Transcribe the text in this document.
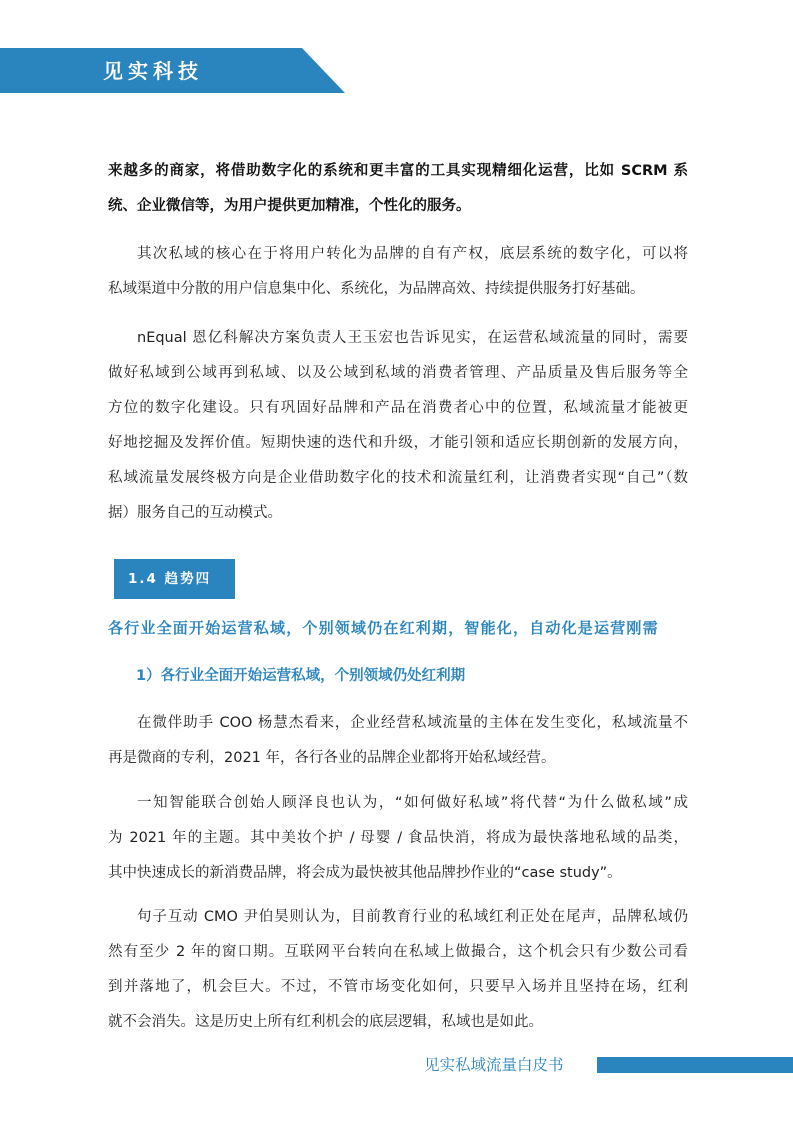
见实科技
来越多的商家，将借助数字化的系统和更丰富的工具实现精细化运营，比如 SCRM 系
统、企业微信等，为用户提供更加精准，个性化的服务。
其次私域的核心在于将用户转化为品牌的自有产权，底层系统的数字化，可以将
私域渠道中分散的用户信息集中化、系统化，为品牌高效、持续提供服务打好基础。
nEqual 恩亿科解决方案负责人王玉宏也告诉见实，在运营私域流量的同时，需要
做好私域到公域再到私域、以及公域到私域的消费者管理、产品质量及售后服务等全
方位的数字化建设。只有巩固好品牌和产品在消费者心中的位置，私域流量才能被更
好地挖掘及发挥价值。短期快速的迭代和升级，才能引领和适应长期创新的发展方向，
私域流量发展终极方向是企业借助数字化的技术和流量红利，让消费者实现“自己”（数
据）服务自己的互动模式。
1.4 趋势四
各行业全面开始运营私域，个别领域仍在红利期，智能化，自动化是运营刚需
1）各行业全面开始运营私域，个别领域仍处红利期
在微伴助手 COO 杨慧杰看来，企业经营私域流量的主体在发生变化，私域流量不
再是微商的专利，2021 年，各行各业的品牌企业都将开始私域经营。
一知智能联合创始人顾泽良也认为，“如何做好私域”将代替“为什么做私域”成
为 2021 年的主题。其中美妆个护 / 母婴 / 食品快消，将成为最快落地私域的品类，
其中快速成长的新消费品牌，将会成为最快被其他品牌抄作业的“case study”。
句子互动 CMO 尹伯昊则认为，目前教育行业的私域红利正处在尾声，品牌私域仍
然有至少 2 年的窗口期。互联网平台转向在私域上做撮合，这个机会只有少数公司看
到并落地了，机会巨大。不过，不管市场变化如何，只要早入场并且坚持在场，红利
就不会消失。这是历史上所有红利机会的底层逻辑，私域也是如此。
见实私域流量白皮书
